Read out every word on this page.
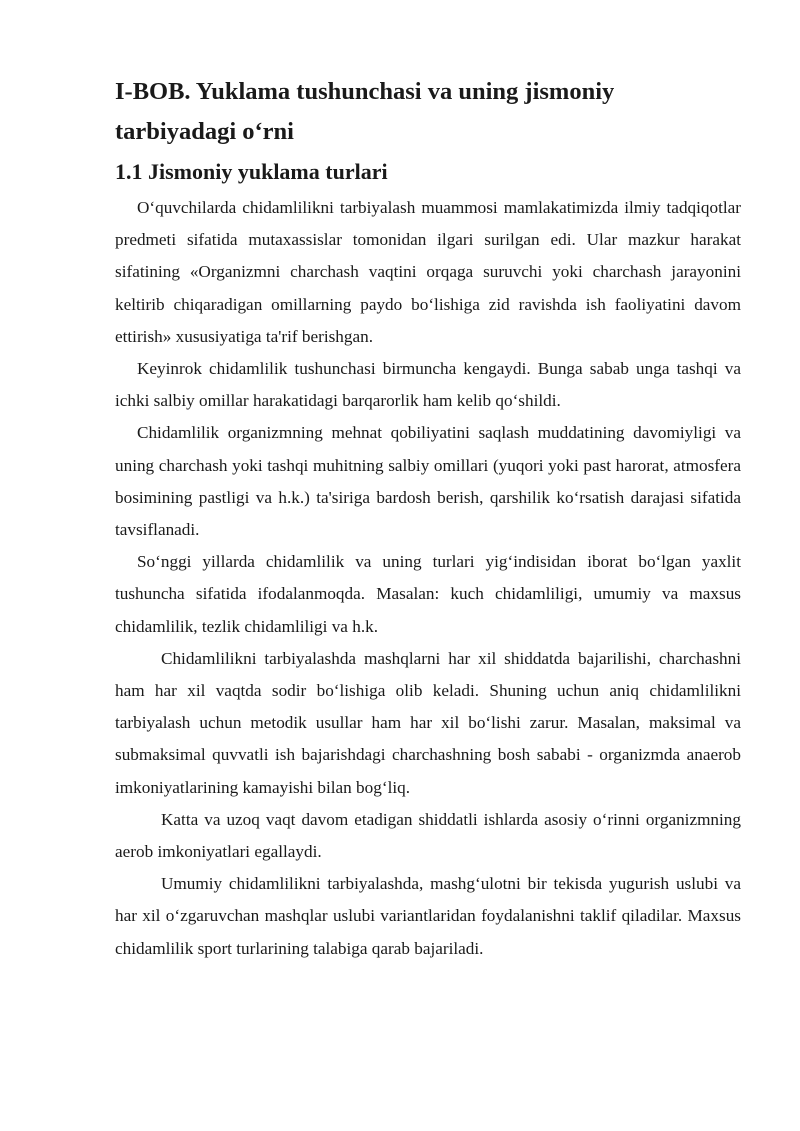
I-BOB. Yuklama tushunchasi va uning jismoniy tarbiyadagi o‘rni
1.1 Jismoniy yuklama turlari

O‘quvchilarda chidamlilikni tarbiyalash muammosi mamlakatimizda ilmiy tadqiqotlar predmeti sifatida mutaxassislar tomonidan ilgari surilgan edi. Ular mazkur harakat sifatining «Organizmni charchash vaqtini orqaga suruvchi yoki charchash jarayonini keltirib chiqaradigan omillarning paydo bo‘lishiga zid ravishda ish faoliyatini davom ettirish» xususiyatiga ta'rif berishgan.

Keyinrok chidamlilik tushunchasi birmuncha kengaydi. Bunga sabab unga tashqi va ichki salbiy omillar harakatidagi barqarorlik ham kelib qo‘shildi.

Chidamlilik organizmning mehnat qobiliyatini saqlash muddatining davomiyligi va uning charchash yoki tashqi muhitning salbiy omillari (yuqori yoki past harorat, atmosfera bosimining pastligi va h.k.) ta'siriga bardosh berish, qarshilik ko‘rsatish darajasi sifatida tavsiflanadi.

So‘nggi yillarda chidamlilik va uning turlari yig‘indisidan iborat bo‘lgan yaxlit tushuncha sifatida ifodalanmoqda. Masalan: kuch chidamliligi, umumiy va maxsus chidamlilik, tezlik chidamliligi va h.k.

Chidamlilikni tarbiyalashda mashqlarni har xil shiddatda bajarilishi, charchashni ham har xil vaqtda sodir bo‘lishiga olib keladi. Shuning uchun aniq chidamlilikni tarbiyalash uchun metodik usullar ham har xil bo‘lishi zarur. Masalan, maksimal va submaksimal quvvatli ish bajarishdagi charchashning bosh sababi - organizmda anaerob imkoniyatlarining kamayishi bilan bog‘liq.

Katta va uzoq vaqt davom etadigan shiddatli ishlarda asosiy o‘rinni organizmning aerob imkoniyatlari egallaydi.

Umumiy chidamlilikni tarbiyalashda, mashg‘ulotni bir tekisda yugurish uslubi va har xil o‘zgaruvchan mashqlar uslubi variantlaridan foydalanishni taklif qiladilar. Maxsus chidamlilik sport turlarining talabiga qarab bajariladi.
